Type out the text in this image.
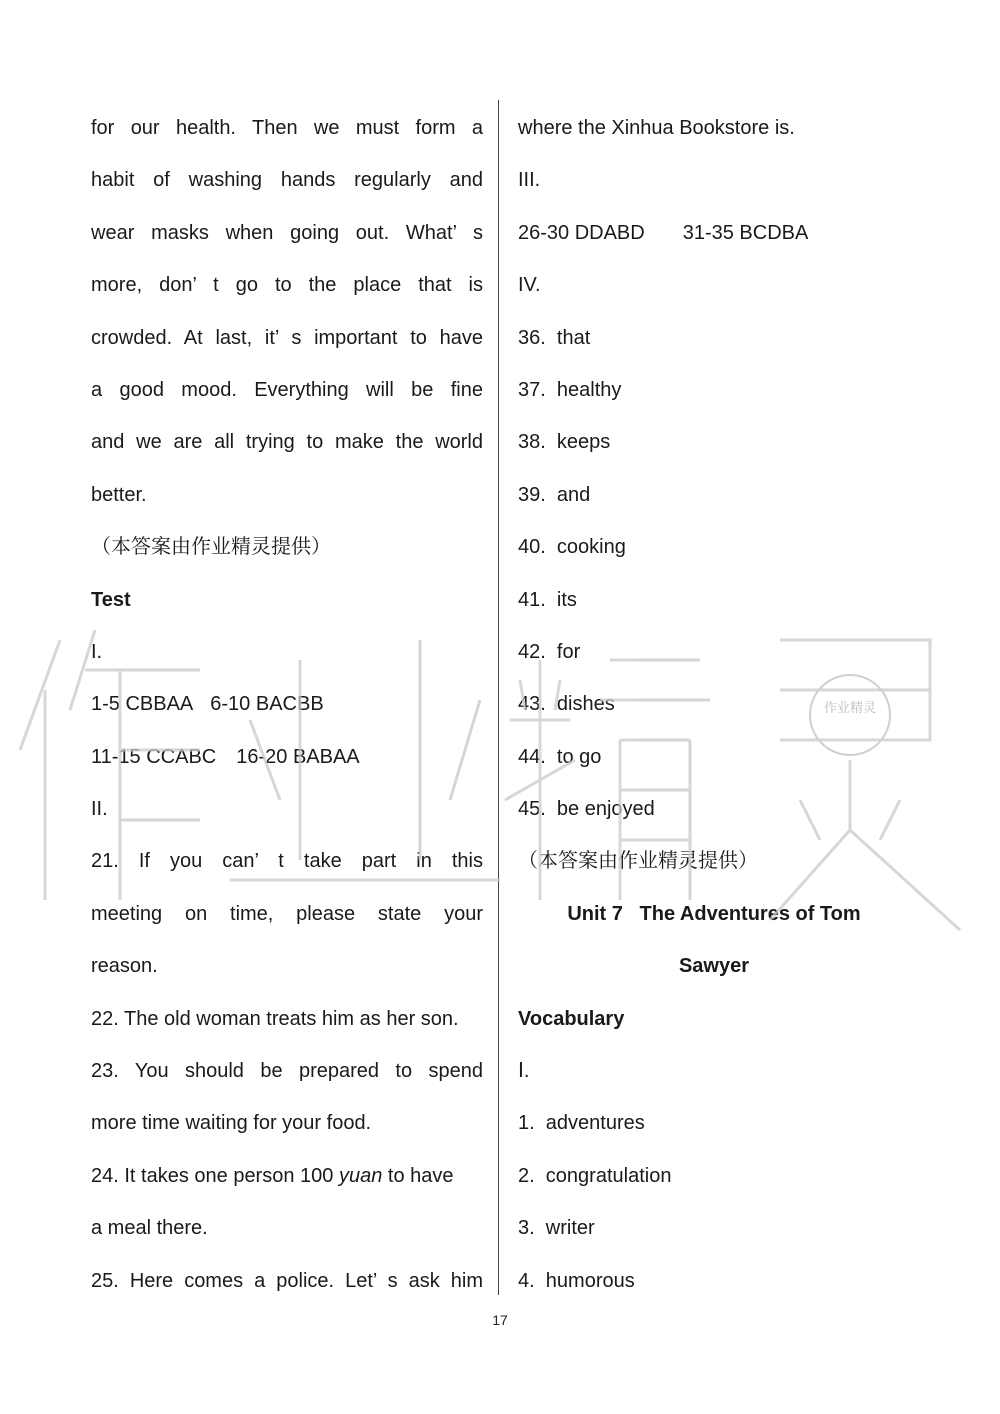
for our health. Then we must form a
habit of washing hands regularly and
wear masks when going out. What’ s
more, don’ t go to the place that is
crowded. At last, it’ s important to have
a good mood. Everything will be fine
and we are all trying to make the world
better.
（本答案由作业精灵提供）
Test
I.
1-5 CBBAA 6-10 BACBB
11-15 CCABC 16-20 BABAA
II.
21. If you can’ t take part in this
meeting on time, please state your
reason.
22. The old woman treats him as her son.
23. You should be prepared to spend
more time waiting for your food.
24. It takes one person 100 yuan to have
a meal there.
25. Here comes a police. Let’ s ask him
where the Xinhua Bookstore is.
III.
26-30 DDABD 31-35 BCDBA
IV.
36.  that
37.  healthy
38.  keeps
39.  and
40.  cooking
41.  its
42.  for
43.  dishes
44.  to go
45.  be enjoyed
（本答案由作业精灵提供）
Unit 7   The Adventures of Tom
Sawyer
Vocabulary
Ⅰ.
1.  adventures
2.  congratulation
3.  writer
4.  humorous
17
作业精灵
